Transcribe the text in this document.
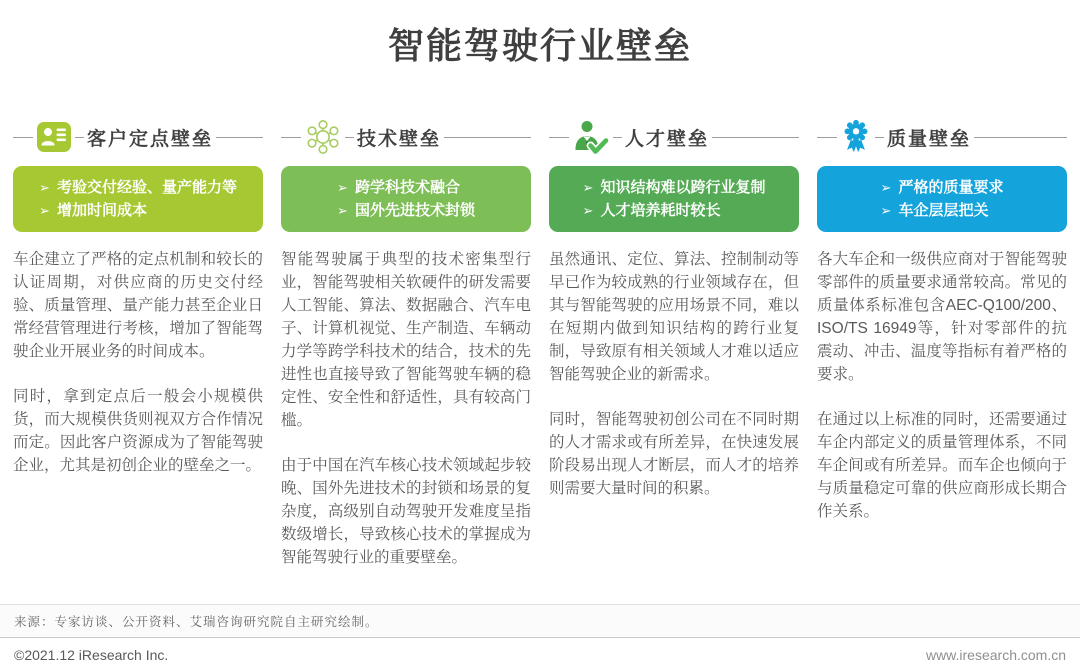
智能驾驶行业壁垒
客户定点壁垒
➢ 考验交付经验、量产能力等
➢ 增加时间成本

车企建立了严格的定点机制和较长的认证周期，对供应商的历史交付经验、质量管理、量产能力甚至企业日常经营管理进行考核，增加了智能驾驶企业开展业务的时间成本。

同时，拿到定点后一般会小规模供货，而大规模供货则视双方合作情况而定。因此客户资源成为了智能驾驶企业，尤其是初创企业的壁垒之一。

技术壁垒
➢ 跨学科技术融合
➢ 国外先进技术封锁

智能驾驶属于典型的技术密集型行业，智能驾驶相关软硬件的研发需要人工智能、算法、数据融合、汽车电子、计算机视觉、生产制造、车辆动力学等跨学科技术的结合，技术的先进性也直接导致了智能驾驶车辆的稳定性、安全性和舒适性，具有较高门槛。

由于中国在汽车核心技术领域起步较晚、国外先进技术的封锁和场景的复杂度，高级别自动驾驶开发难度呈指数级增长，导致核心技术的掌握成为智能驾驶行业的重要壁垒。

人才壁垒
➢ 知识结构难以跨行业复制
➢ 人才培养耗时较长

虽然通讯、定位、算法、控制制动等早已作为较成熟的行业领域存在，但其与智能驾驶的应用场景不同，难以在短期内做到知识结构的跨行业复制，导致原有相关领域人才难以适应智能驾驶企业的新需求。

同时，智能驾驶初创公司在不同时期的人才需求或有所差异，在快速发展阶段易出现人才断层，而人才的培养则需要大量时间的积累。

质量壁垒
➢ 严格的质量要求
➢ 车企层层把关

各大车企和一级供应商对于智能驾驶零部件的质量要求通常较高。常见的质量体系标准包含AEC-Q100/200、ISO/TS 16949等，针对零部件的抗震动、冲击、温度等指标有着严格的要求。

在通过以上标准的同时，还需要通过车企内部定义的质量管理体系，不同车企间或有所差异。而车企也倾向于与质量稳定可靠的供应商形成长期合作关系。

来源：专家访谈、公开资料、艾瑞咨询研究院自主研究绘制。
©2021.12 iResearch Inc.	www.iresearch.com.cn
